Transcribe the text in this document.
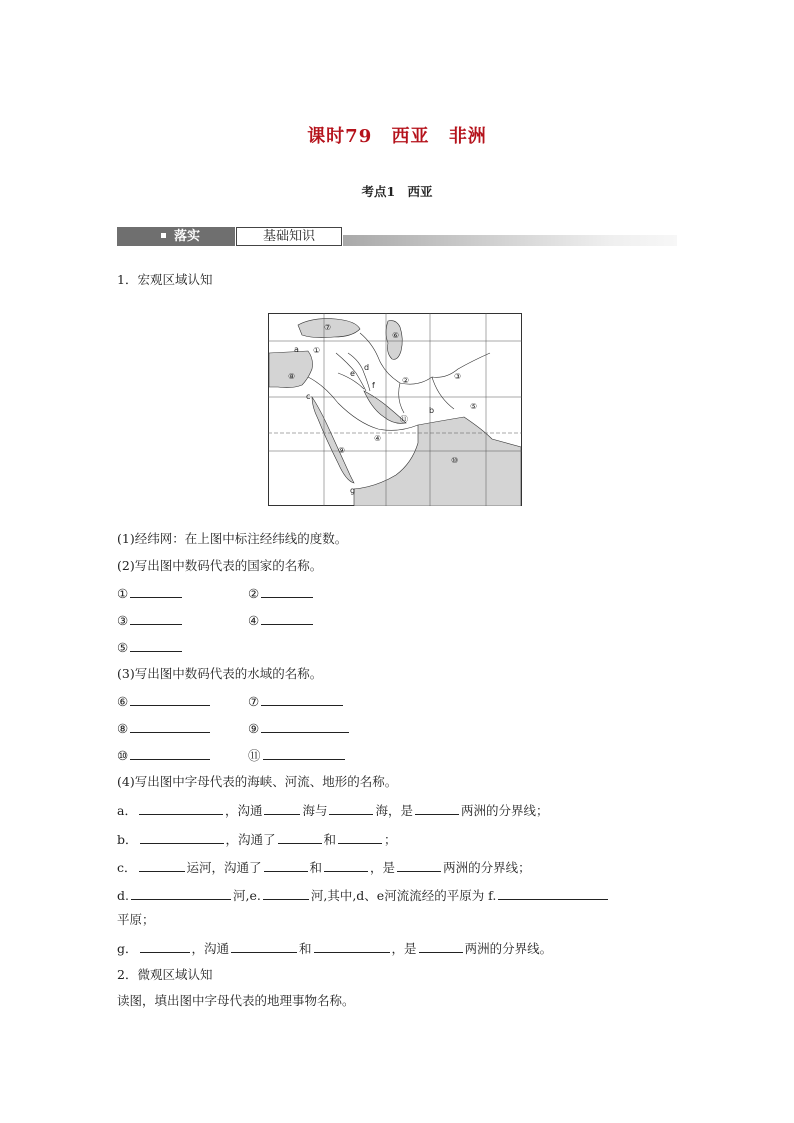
课时79 西亚 非洲
考点1 西亚
落实	基础知识
1．宏观区域认知
⑦
⑥
a ①
⑧	e
d
f
②	③
c
⑪
b	⑤
④
⑨
⑩
g
(1)经纬网：在上图中标注经纬线的度数。
(2)写出图中数码代表的国家的名称。
①	②
③	④
⑤
(3)写出图中数码代表的水域的名称。
⑥	⑦
⑧	⑨
⑩	⑪
(4)写出图中字母代表的海峡、河流、地形的名称。
a．	，沟通	海与	海，是	两洲的分界线；
b．	，沟通了	和	；
c．	运河，沟通了	和	，是	两洲的分界线；
d.	河,e.	河,其中,d、e河流流经的平原为 f.
平原；
g．	，沟通	和	，是	两洲的分界线。
2．微观区域认知
读图，填出图中字母代表的地理事物名称。
